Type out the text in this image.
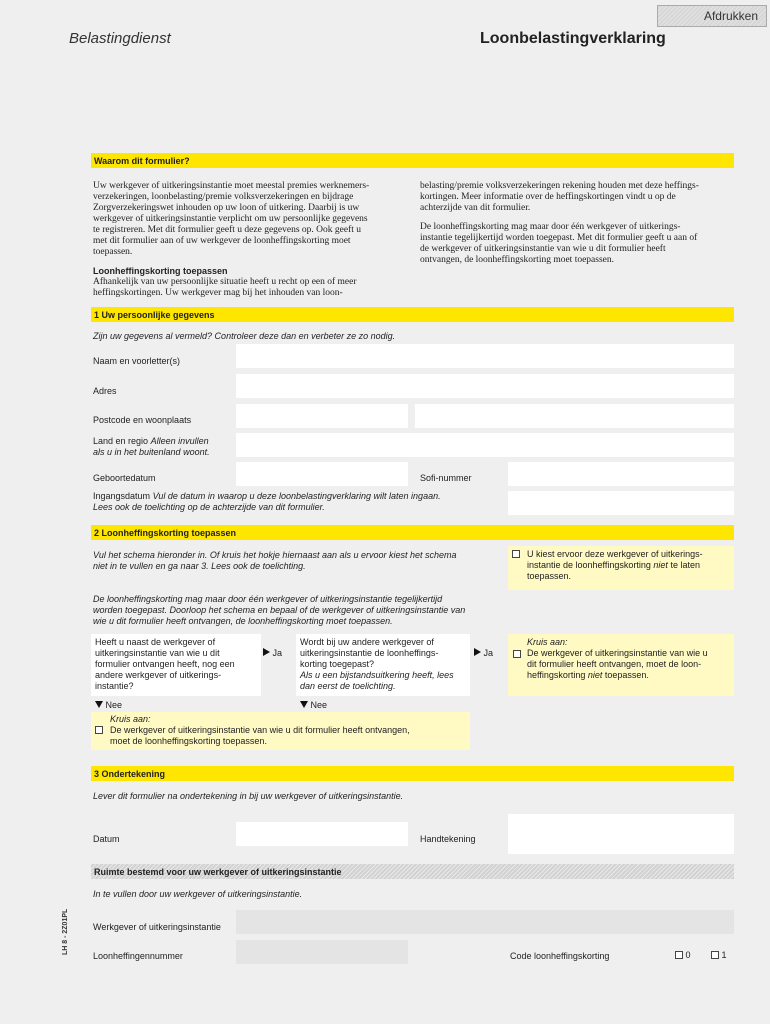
Afdrukken
Belastingdienst	Loonbelastingverklaring
Waarom dit formulier?
Uw werkgever of uitkeringsinstantie moet meestal premies werknemers-
verzekeringen, loonbelasting/premie volksverzekeringen en bijdrage
Zorgverzekeringswet inhouden op uw loon of uitkering. Daarbij is uw
werkgever of uitkeringsinstantie verplicht om uw persoonlijke gegevens
te registreren. Met dit formulier geeft u deze gegevens op. Ook geeft u
met dit formulier aan of uw werkgever de loonheffingskorting moet
toepassen.
Loonheffingskorting toepassen
Afhankelijk van uw persoonlijke situatie heeft u recht op een of meer
heffingskortingen. Uw werkgever mag bij het inhouden van loon-
belasting/premie volksverzekeringen rekening houden met deze heffings-
kortingen. Meer informatie over de heffingskortingen vindt u op de
achterzijde van dit formulier.
De loonheffingskorting mag maar door één werkgever of uitkerings-
instantie tegelijkertijd worden toegepast. Met dit formulier geeft u aan of
de werkgever of uitkeringsinstantie van wie u dit formulier heeft
ontvangen, de loonheffingskorting moet toepassen.
1 Uw persoonlijke gegevens
Zijn uw gegevens al vermeld? Controleer deze dan en verbeter ze zo nodig.
Naam en voorletter(s)
Adres
Postcode en woonplaats
Land en regio Alleen invullen
als u in het buitenland woont.
Geboortedatum	Sofi-nummer
Ingangsdatum Vul de datum in waarop u deze loonbelastingverklaring wilt laten ingaan.
Lees ook de toelichting op de achterzijde van dit formulier.
2 Loonheffingskorting toepassen
Vul het schema hieronder in. Of kruis het hokje hiernaast aan als u ervoor kiest het schema
niet in te vullen en ga naar 3. Lees ook de toelichting.
U kiest ervoor deze werkgever of uitkerings-
instantie de loonheffingskorting niet te laten
toepassen.
De loonheffingskorting mag maar door één werkgever of uitkeringsinstantie tegelijkertijd
worden toegepast. Doorloop het schema en bepaal of de werkgever of uitkeringsinstantie van
wie u dit formulier heeft ontvangen, de loonheffingskorting moet toepassen.
Heeft u naast de werkgever of
uitkeringsinstantie van wie u dit
formulier ontvangen heeft, nog een
andere werkgever of uitkerings-
instantie?
Ja
Wordt bij uw andere werkgever of
uitkeringsinstantie de loonheffings-
korting toegepast?
Als u een bijstandsuitkering heeft, lees
dan eerst de toelichting.
Ja
Kruis aan:
De werkgever of uitkeringsinstantie van wie u
dit formulier heeft ontvangen, moet de loon-
heffingskorting niet toepassen.
Nee	Nee
Kruis aan:
De werkgever of uitkeringsinstantie van wie u dit formulier heeft ontvangen,
moet de loonheffingskorting toepassen.
3 Ondertekening
Lever dit formulier na ondertekening in bij uw werkgever of uitkeringsinstantie.
Datum	Handtekening
Ruimte bestemd voor uw werkgever of uitkeringsinstantie
In te vullen door uw werkgever of uitkeringsinstantie.
Werkgever of uitkeringsinstantie
Loonheffingennummer	Code loonheffingskorting	0	1
LH 8 - 2Z01PL
